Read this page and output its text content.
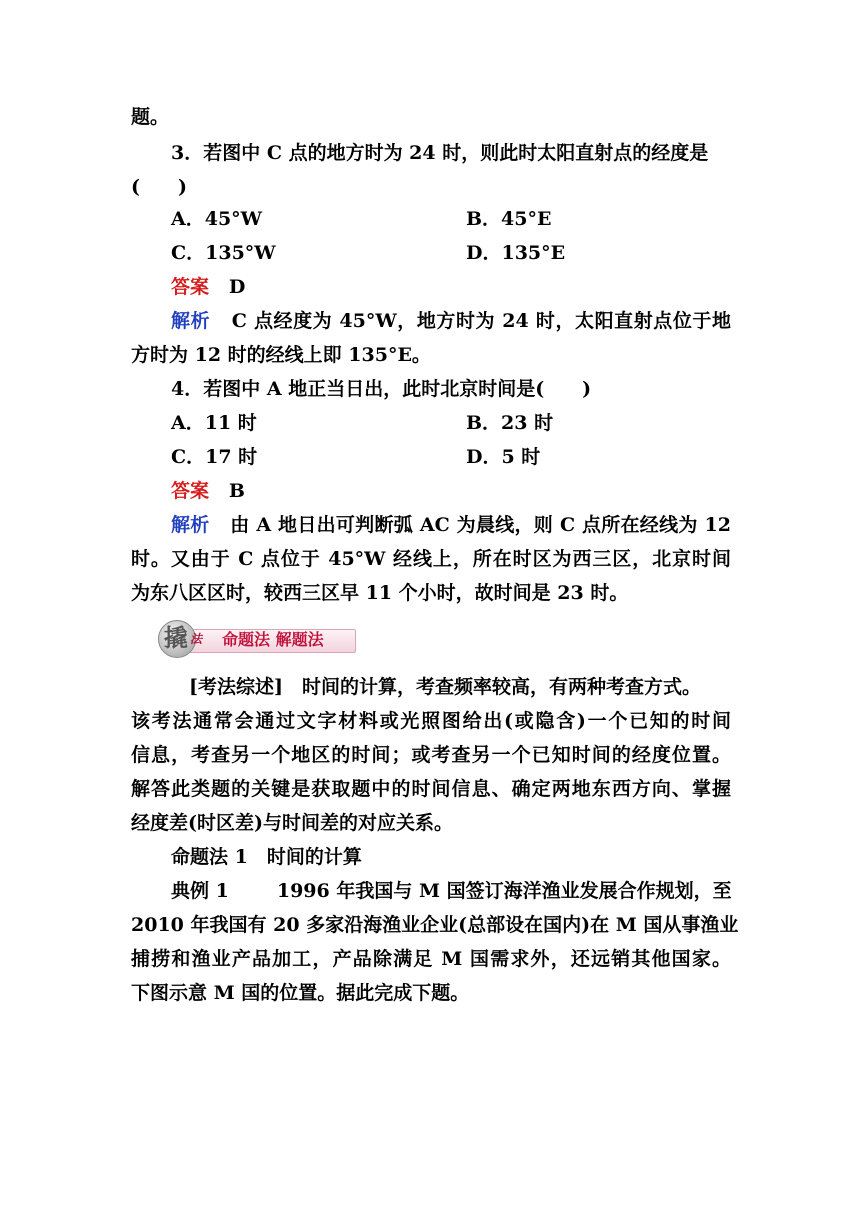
题。
3．若图中 C 点的地方时为 24 时，则此时太阳直射点的经度是
(　　)
A．45°W	B．45°E
C．135°W	D．135°E
答案 D
解析 C 点经度为 45°W，地方时为 24 时，太阳直射点位于地
方时为 12 时的经线上即 135°E。
4．若图中 A 地正当日出，此时北京时间是(　　)
A．11 时	B．23 时
C．17 时	D．5 时
答案 B
解析 由 A 地日出可判断弧 AC 为晨线，则 C 点所在经线为 12
时。又由于 C 点位于 45°W 经线上，所在时区为西三区，北京时间
为东八区区时，较西三区早 11 个小时，故时间是 23 时。
撬 法 命题法 解题法
[考法综述]　时间的计算，考查频率较高，有两种考查方式。
该考法通常会通过文字材料或光照图给出(或隐含)一个已知的时间
信息，考查另一个地区的时间；或考查另一个已知时间的经度位置。
解答此类题的关键是获取题中的时间信息、确定两地东西方向、掌握
经度差(时区差)与时间差的对应关系。
命题法 1　时间的计算
典例 1	1996 年我国与 M 国签订海洋渔业发展合作规划，至
2010 年我国有 20 多家沿海渔业企业(总部设在国内)在 M 国从事渔业
捕捞和渔业产品加工，产品除满足 M 国需求外，还远销其他国家。
下图示意 M 国的位置。据此完成下题。
